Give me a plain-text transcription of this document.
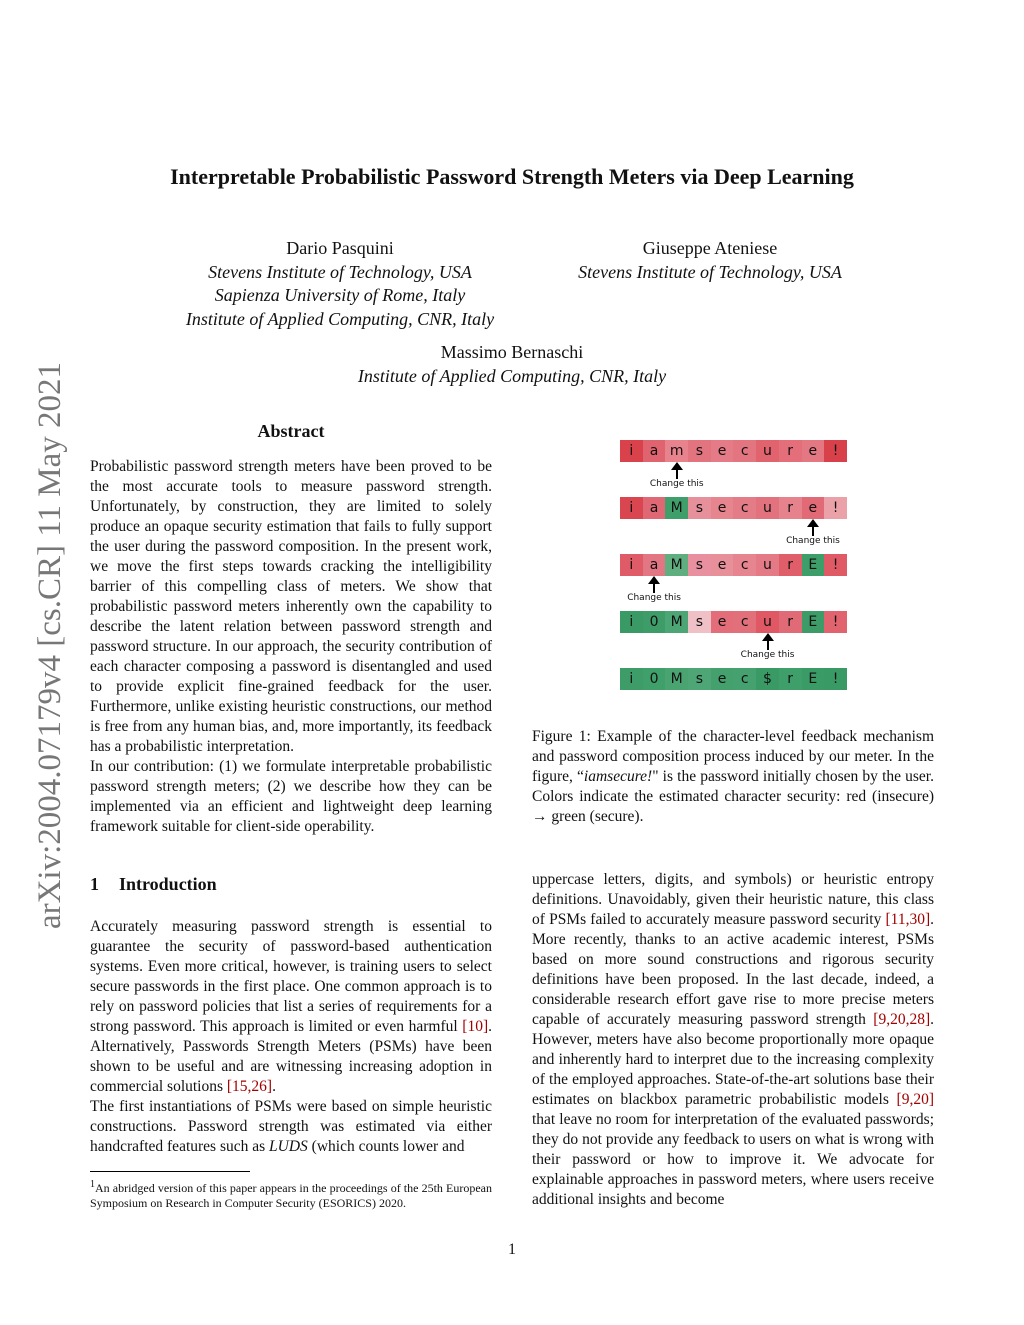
Interpretable Probabilistic Password Strength Meters via Deep Learning
Dario Pasquini
Stevens Institute of Technology, USA
Sapienza University of Rome, Italy
Institute of Applied Computing, CNR, Italy
Giuseppe Ateniese
Stevens Institute of Technology, USA
Massimo Bernaschi
Institute of Applied Computing, CNR, Italy
arXiv:2004.07179v4 [cs.CR] 11 May 2021	Abstract

Probabilistic password strength meters have been proved to be the most accurate tools to measure password strength. Unfortunately, by construction, they are limited to solely produce an opaque security estimation that fails to fully support the user during the password composition. In the present work, we move the first steps towards cracking the intelligibility barrier of this compelling class of meters. We show that probabilistic password meters inherently own the capability to describe the latent relation between password strength and password structure. In our approach, the security contribution of each character composing a password is disentangled and used to provide explicit fine-grained feedback for the user. Furthermore, unlike existing heuristic constructions, our method is free from any human bias, and, more importantly, its feedback has a probabilistic interpretation.

In our contribution: (1) we formulate interpretable probabilistic password strength meters; (2) we describe how they can be implemented via an efficient and lightweight deep learning framework suitable for client-side operability.

1 Introduction

Accurately measuring password strength is essential to guarantee the security of password-based authentication systems. Even more critical, however, is training users to select secure passwords in the first place. One common approach is to rely on password policies that list a series of requirements for a strong password. This approach is limited or even harmful [10]. Alternatively, Passwords Strength Meters (PSMs) have been shown to be useful and are witnessing increasing adoption in commercial solutions [15,26].

The first instantiations of PSMs were based on simple heuristic constructions. Password strength was estimated via either handcrafted features such as LUDS (which counts lower and

$^1$An abridged version of this paper appears in the proceedings of the 25th European Symposium on Research in Computer Security (ESORICS) 2020.
i	a m s	e	c	u	r	e	!
Change this
i	a M s	e	c	u	r	e	!
Change this
i	a M s	e	c	u	r	E	!
Change this
i	0 M s	e	c	u	r	E	!
Change this
i	0 M s	e	c	$	r	E	!
Figure 1: Example of the character-level feedback mechanism and password composition process induced by our meter. In the figure, “iamsecure!" is the password initially chosen by the user. Colors indicate the estimated character security: red (insecure) → green (secure).

uppercase letters, digits, and symbols) or heuristic entropy definitions. Unavoidably, given their heuristic nature, this class of PSMs failed to accurately measure password security [11,30]. More recently, thanks to an active academic interest, PSMs based on more sound constructions and rigorous security definitions have been proposed. In the last decade, indeed, a considerable research effort gave rise to more precise meters capable of accurately measuring password strength [9,20,28]. However, meters have also become proportionally more opaque and inherently hard to interpret due to the increasing complexity of the employed approaches. State-of-the-art solutions base their estimates on blackbox parametric probabilistic models [9,20] that leave no room for interpretation of the evaluated passwords; they do not provide any feedback to users on what is wrong with their password or how to improve it. We advocate for explainable approaches in password meters, where users receive additional insights and become

1
